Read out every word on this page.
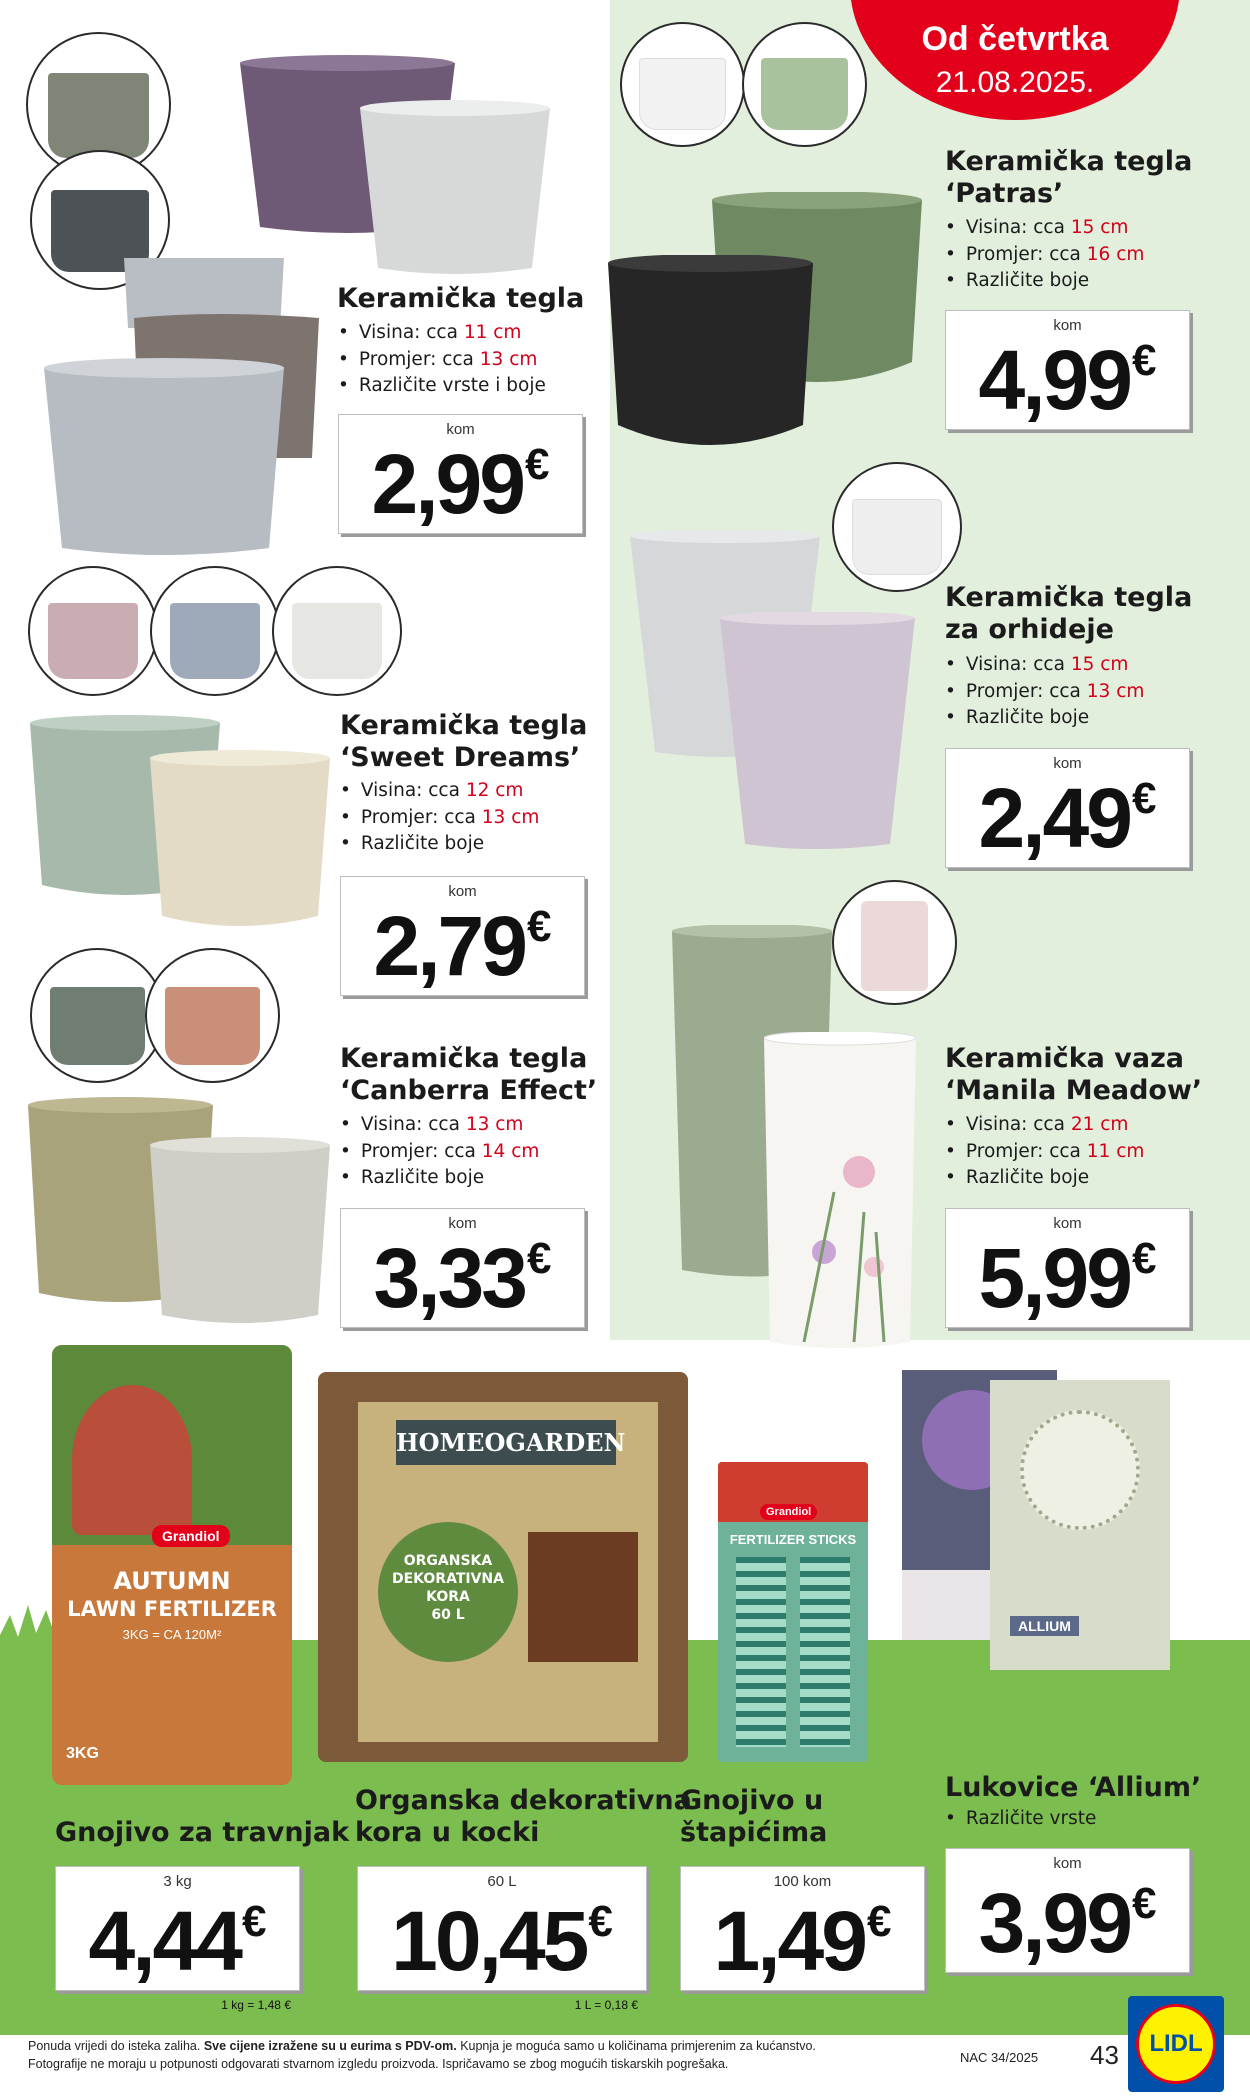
Od četvrtka
21.08.2025.
Keramička tegla
• Visina: cca 11 cm
• Promjer: cca 13 cm
• Različite vrste i boje
kom
2,99€
Keramička tegla
‘Patras’
• Visina: cca 15 cm
• Promjer: cca 16 cm
• Različite boje
kom
4,99€
Keramička tegla
‘Sweet Dreams’
• Visina: cca 12 cm
• Promjer: cca 13 cm
• Različite boje
kom
2,79€
Keramička tegla
za orhideje
• Visina: cca 15 cm
• Promjer: cca 13 cm
• Različite boje
kom
2,49€
Keramička tegla
‘Canberra Effect’
• Visina: cca 13 cm
• Promjer: cca 14 cm
• Različite boje
kom
3,33€
Keramička vaza
‘Manila Meadow’
• Visina: cca 21 cm
• Promjer: cca 11 cm
• Različite boje
kom
5,99€
Grandiol
AUTUMN
LAWN FERTILIZER
3KG = CA 120M²
3KG
HOMEOGARDEN
ORGANSKA
DEKORATIVNA
KORA
60 L
Grandiol
FERTILIZER STICKS
ALLIUM
Gnojivo za travnjak
Organska dekorativna
kora u kocki
Gnojivo u
štapićima
Lukovice ‘Allium’
• Različite vrste
3 kg
4,44€
1 kg = 1,48 €
60 L
10,45€
1 L = 0,18 €
100 kom
1,49€
kom
3,99€
Ponuda vrijedi do isteka zaliha. Sve cijene izražene su u eurima s PDV-om. Kupnja je moguća samo u količinama primjerenim za kućanstvo.
Fotografije ne moraju u potpunosti odgovarati stvarnom izgledu proizvoda. Ispričavamo se zbog mogućih tiskarskih pogrešaka.	NAC 34/2025 43	LIDL
